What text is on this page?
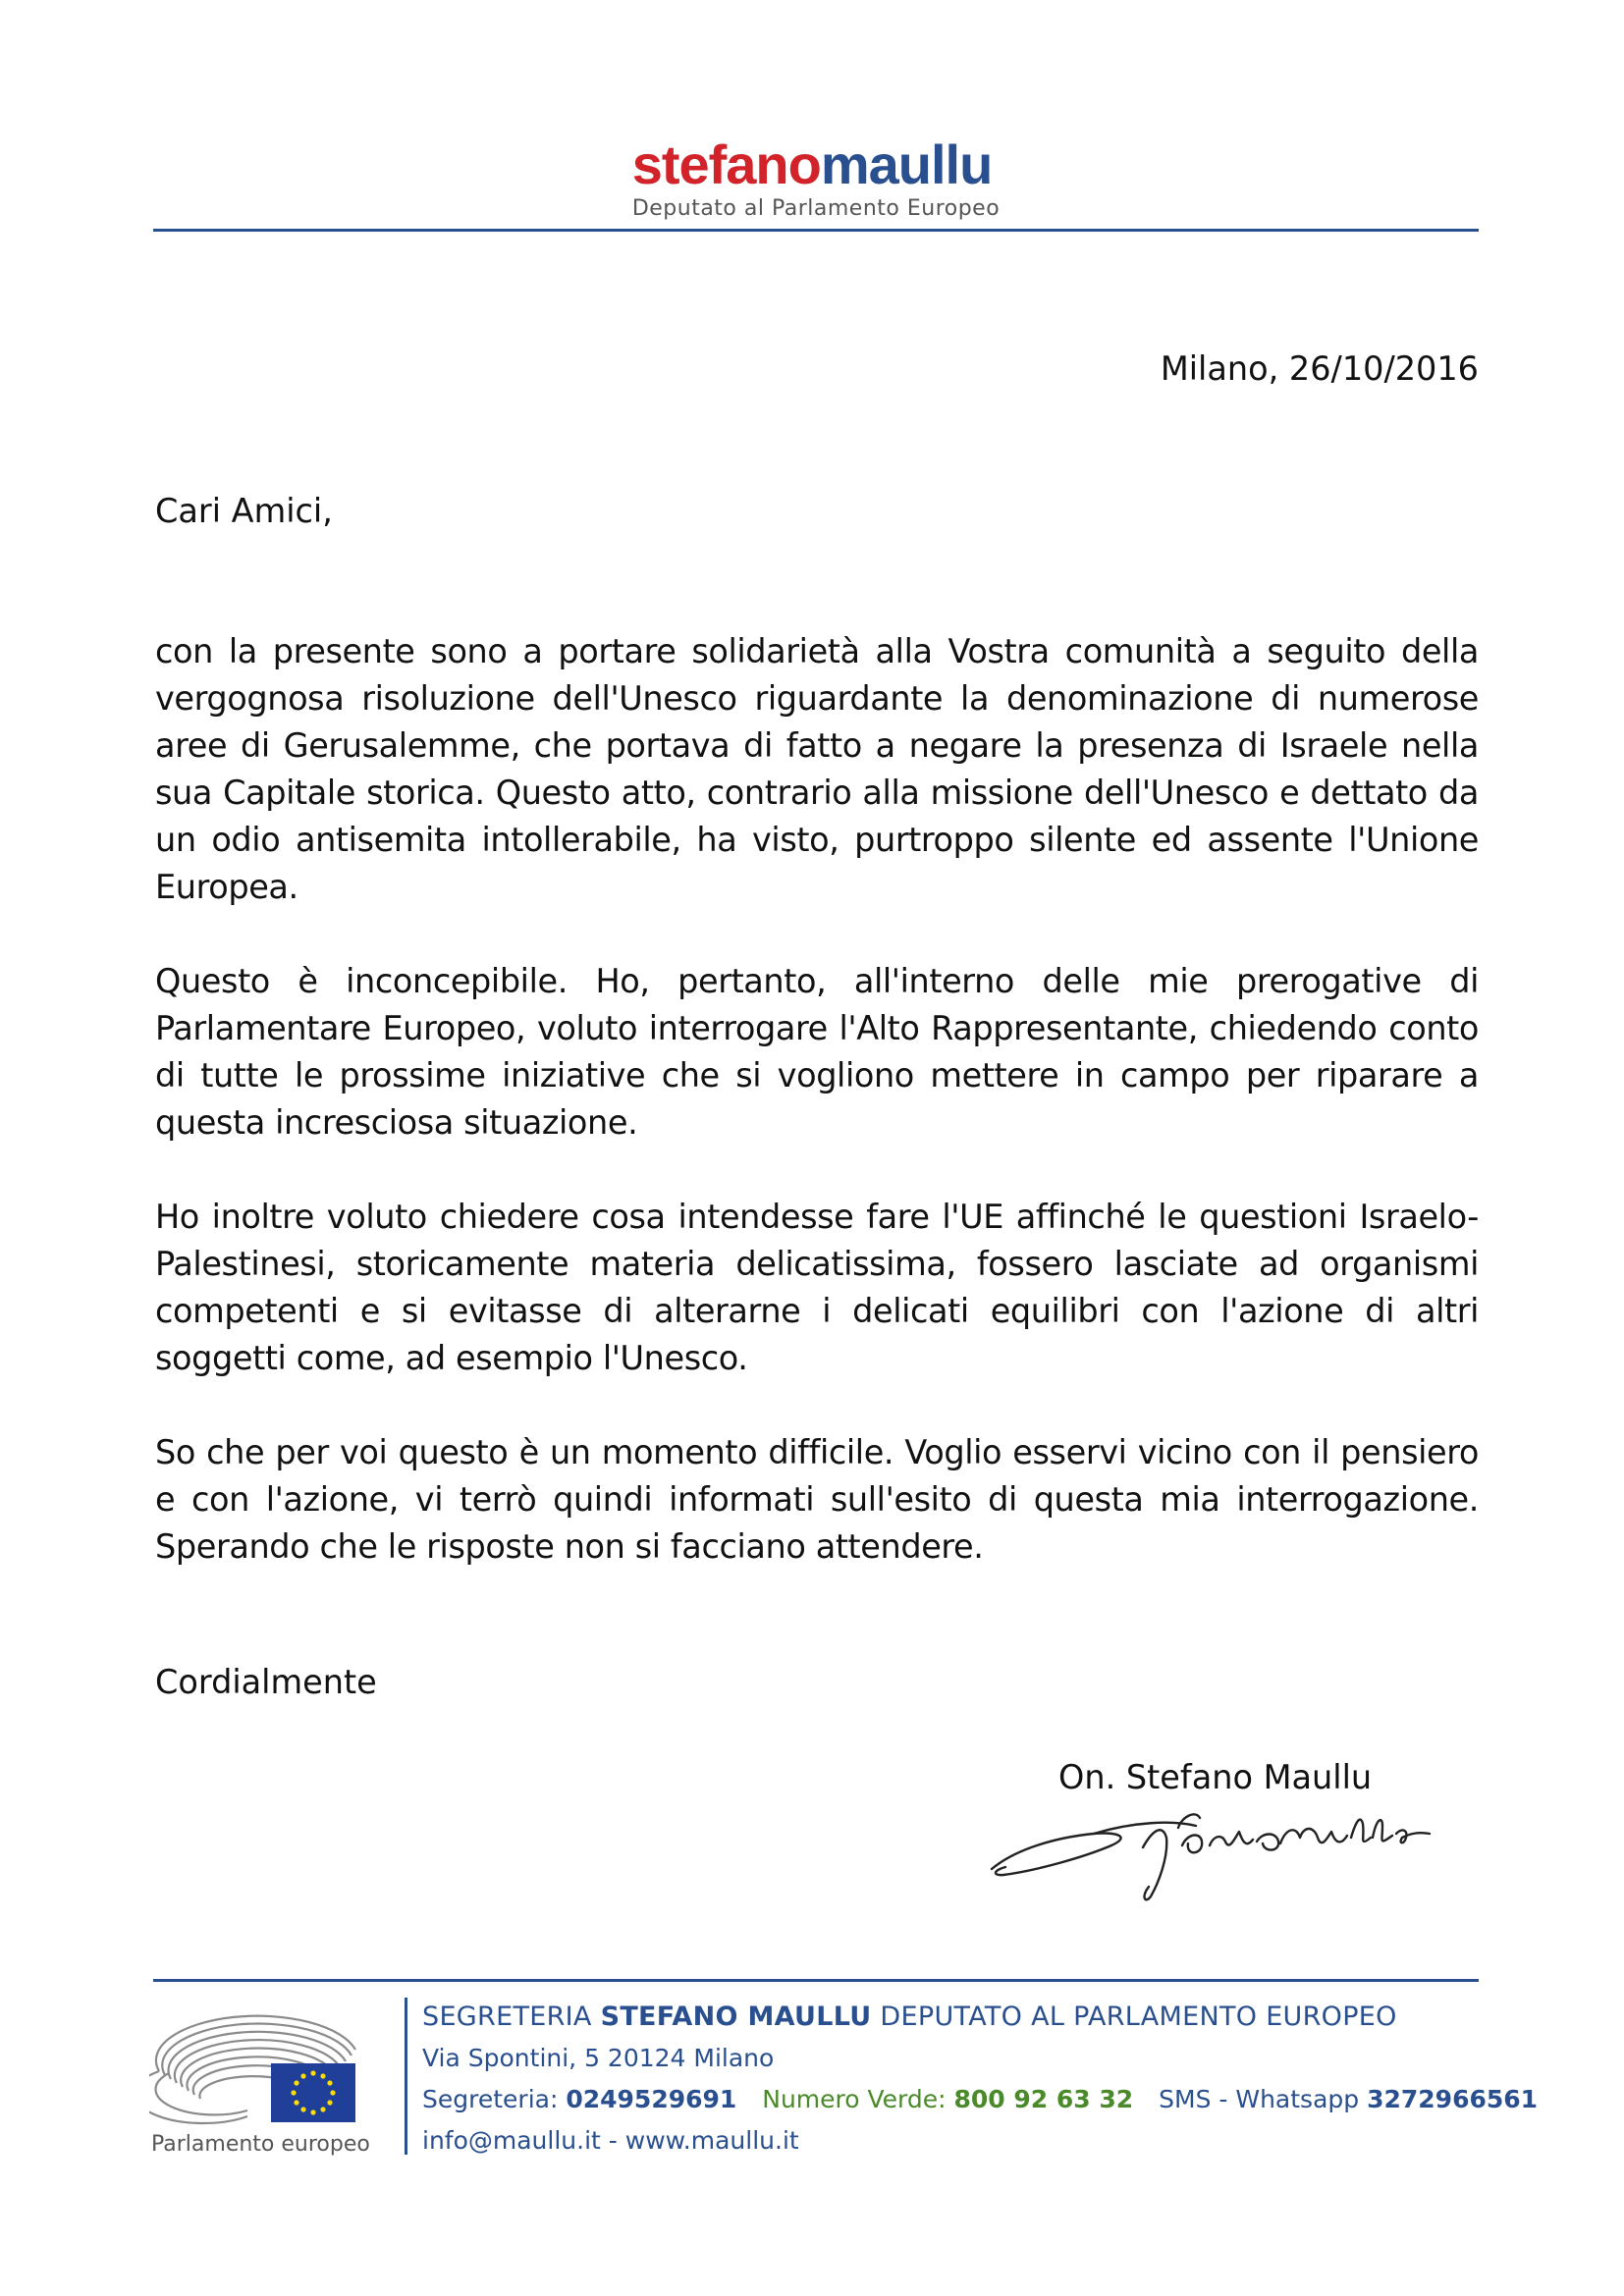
stefanomaullu
Deputato al Parlamento Europeo
Milano, 26/10/2016
Cari Amici,

con la presente sono a portare solidarietà alla Vostra comunità a seguito della vergognosa risoluzione dell'Unesco riguardante la denominazione di numerose aree di Gerusalemme, che portava di fatto a negare la presenza di Israele nella sua Capitale storica. Questo atto, contrario alla missione dell'Unesco e dettato da un odio antisemita intollerabile, ha visto, purtroppo silente ed assente l'Unione Europea.

Questo è inconcepibile. Ho, pertanto, all'interno delle mie prerogative di Parlamentare Europeo, voluto interrogare l'Alto Rappresentante, chiedendo conto di tutte le prossime iniziative che si vogliono mettere in campo per riparare a questa incresciosa situazione.

Ho inoltre voluto chiedere cosa intendesse fare l'UE affinché le questioni Israelo-Palestinesi, storicamente materia delicatissima, fossero lasciate ad organismi competenti e si evitasse di alterarne i delicati equilibri con l'azione di altri soggetti come, ad esempio l'Unesco.

So che per voi questo è un momento difficile. Voglio esservi vicino con il pensiero e con l'azione, vi terrò quindi informati sull'esito di questa mia interrogazione. Sperando che le risposte non si facciano attendere.

Cordialmente
On. Stefano Maullu
Parlamento europeo
SEGRETERIA STEFANO MAULLU DEPUTATO AL PARLAMENTO EUROPEO
Via Spontini, 5 20124 Milano
Segreteria: 0249529691 Numero Verde: 800 92 63 32 SMS - Whatsapp 3272966561
info@maullu.it - www.maullu.it
